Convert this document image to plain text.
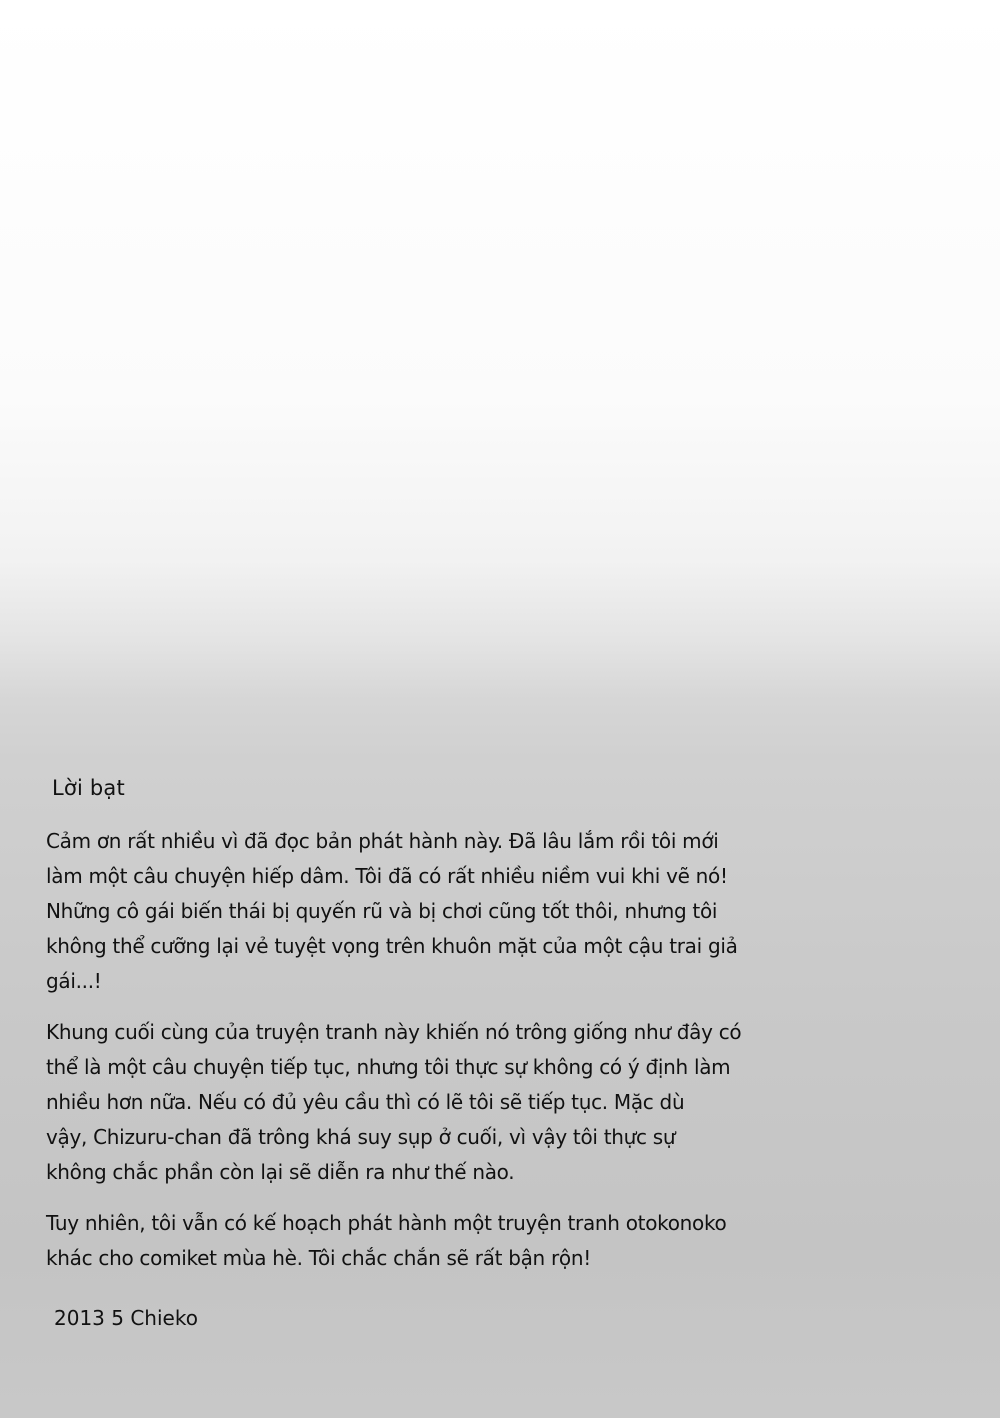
Lời bạt
Cảm ơn rất nhiều vì đã đọc bản phát hành này. Đã lâu lắm rồi tôi mới
làm một câu chuyện hiếp dâm. Tôi đã có rất nhiều niềm vui khi vẽ nó!
Những cô gái biến thái bị quyến rũ và bị chơi cũng tốt thôi, nhưng tôi
không thể cưỡng lại vẻ tuyệt vọng trên khuôn mặt của một cậu trai giả
gái...!
Khung cuối cùng của truyện tranh này khiến nó trông giống như đây có
thể là một câu chuyện tiếp tục, nhưng tôi thực sự không có ý định làm
nhiều hơn nữa. Nếu có đủ yêu cầu thì có lẽ tôi sẽ tiếp tục. Mặc dù
vậy, Chizuru-chan đã trông khá suy sụp ở cuối, vì vậy tôi thực sự
không chắc phần còn lại sẽ diễn ra như thế nào.
Tuy nhiên, tôi vẫn có kế hoạch phát hành một truyện tranh otokonoko
khác cho comiket mùa hè. Tôi chắc chắn sẽ rất bận rộn!
2013 5 Chieko
